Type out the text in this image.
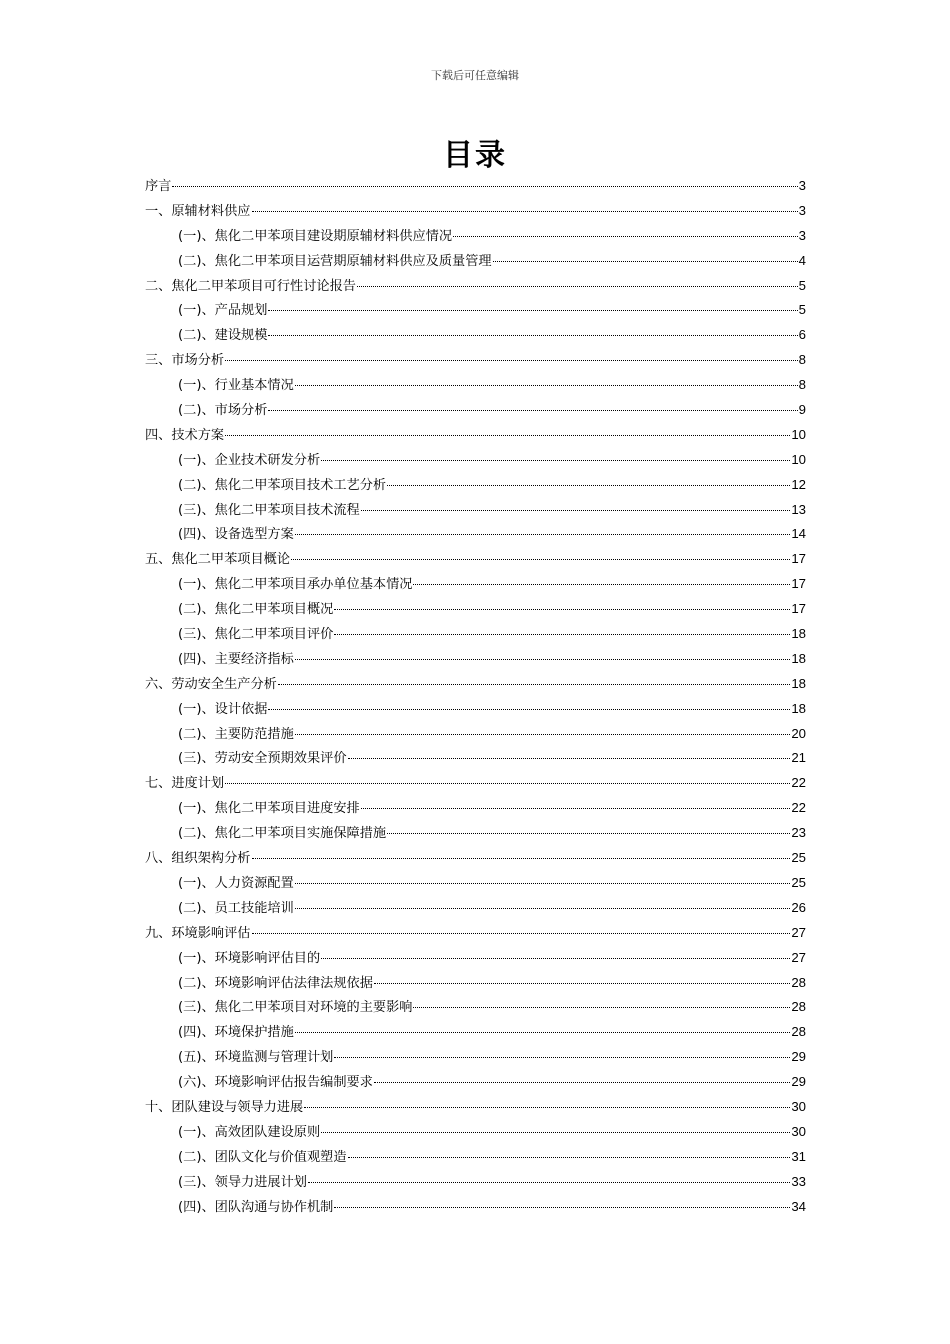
下载后可任意编辑
目录
序言	3
一、原辅材料供应	3
(一)、焦化二甲苯项目建设期原辅材料供应情况	3
(二)、焦化二甲苯项目运营期原辅材料供应及质量管理	4
二、焦化二甲苯项目可行性讨论报告	5
(一)、产品规划	5
(二)、建设规模	6
三、市场分析	8
(一)、行业基本情况	8
(二)、市场分析	9
四、技术方案	10
(一)、企业技术研发分析	10
(二)、焦化二甲苯项目技术工艺分析	12
(三)、焦化二甲苯项目技术流程	13
(四)、设备选型方案	14
五、焦化二甲苯项目概论	17
(一)、焦化二甲苯项目承办单位基本情况	17
(二)、焦化二甲苯项目概况	17
(三)、焦化二甲苯项目评价	18
(四)、主要经济指标	18
六、劳动安全生产分析	18
(一)、设计依据	18
(二)、主要防范措施	20
(三)、劳动安全预期效果评价	21
七、进度计划	22
(一)、焦化二甲苯项目进度安排	22
(二)、焦化二甲苯项目实施保障措施	23
八、组织架构分析	25
(一)、人力资源配置	25
(二)、员工技能培训	26
九、环境影响评估	27
(一)、环境影响评估目的	27
(二)、环境影响评估法律法规依据	28
(三)、焦化二甲苯项目对环境的主要影响	28
(四)、环境保护措施	28
(五)、环境监测与管理计划	29
(六)、环境影响评估报告编制要求	29
十、团队建设与领导力进展	30
(一)、高效团队建设原则	30
(二)、团队文化与价值观塑造	31
(三)、领导力进展计划	33
(四)、团队沟通与协作机制	34
